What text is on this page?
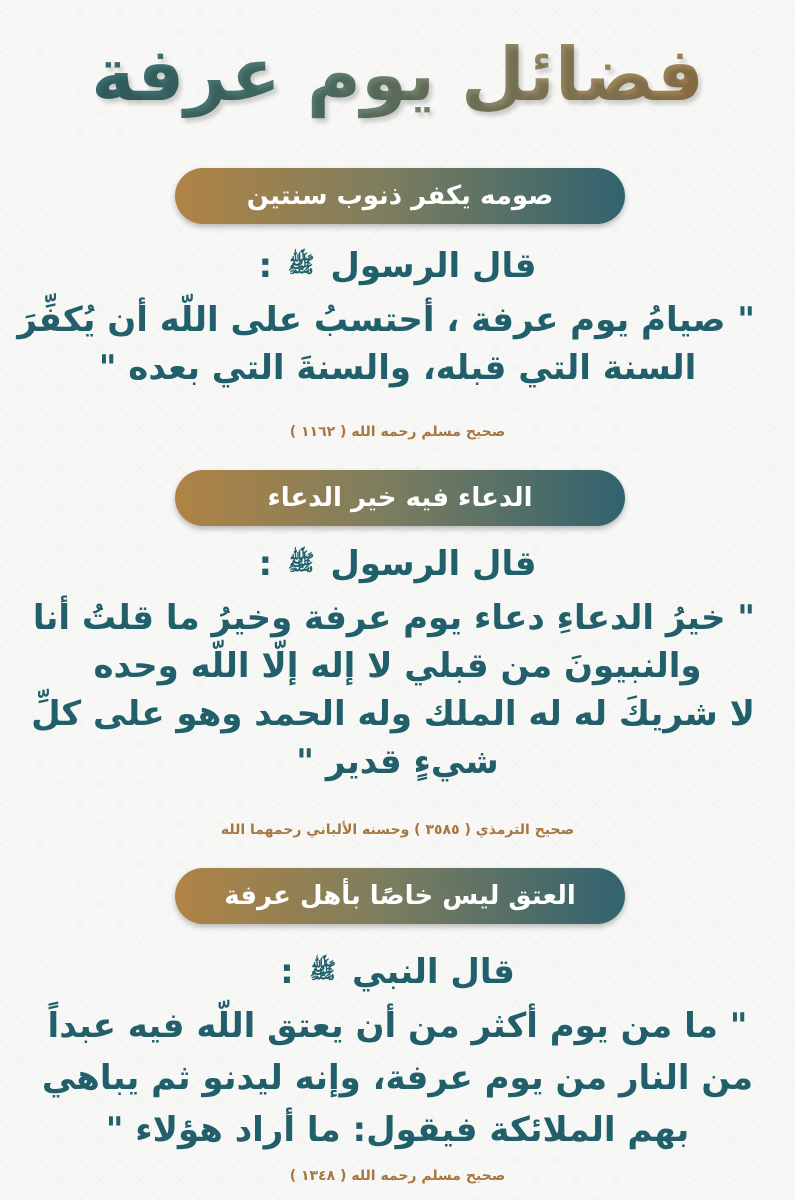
فضائل يوم عرفة
صومه يكفر ذنوب سنتين
قال الرسول ﷺ :
" صيامُ يوم عرفة ، أحتسبُ على اللّه أن يُكفِّرَ
السنة التي قبله، والسنةَ التي بعده "
صحيح مسلم رحمه الله ( ١١٦٢ )
الدعاء فيه خير الدعاء
قال الرسول ﷺ :
" خيرُ الدعاءِ دعاء يوم عرفة وخيرُ ما قلتُ أنا
والنبيونَ من قبلي لا إله إلّا اللّه وحده
لا شريكَ له له الملك وله الحمد وهو على كلِّ
شيءٍ قدير "
صحيح الترمذي ( ٣٥٨٥ ) وحسنه الألباني رحمهما الله
العتق ليس خاصًا بأهل عرفة
قال النبي ﷺ :
" ما من يوم أكثر من أن يعتق اللّه فيه عبداً
من النار من يوم عرفة، وإنه ليدنو ثم يباهي
بهم الملائكة فيقول: ما أراد هؤلاء "
صحيح مسلم رحمه الله ( ١٣٤٨ )
